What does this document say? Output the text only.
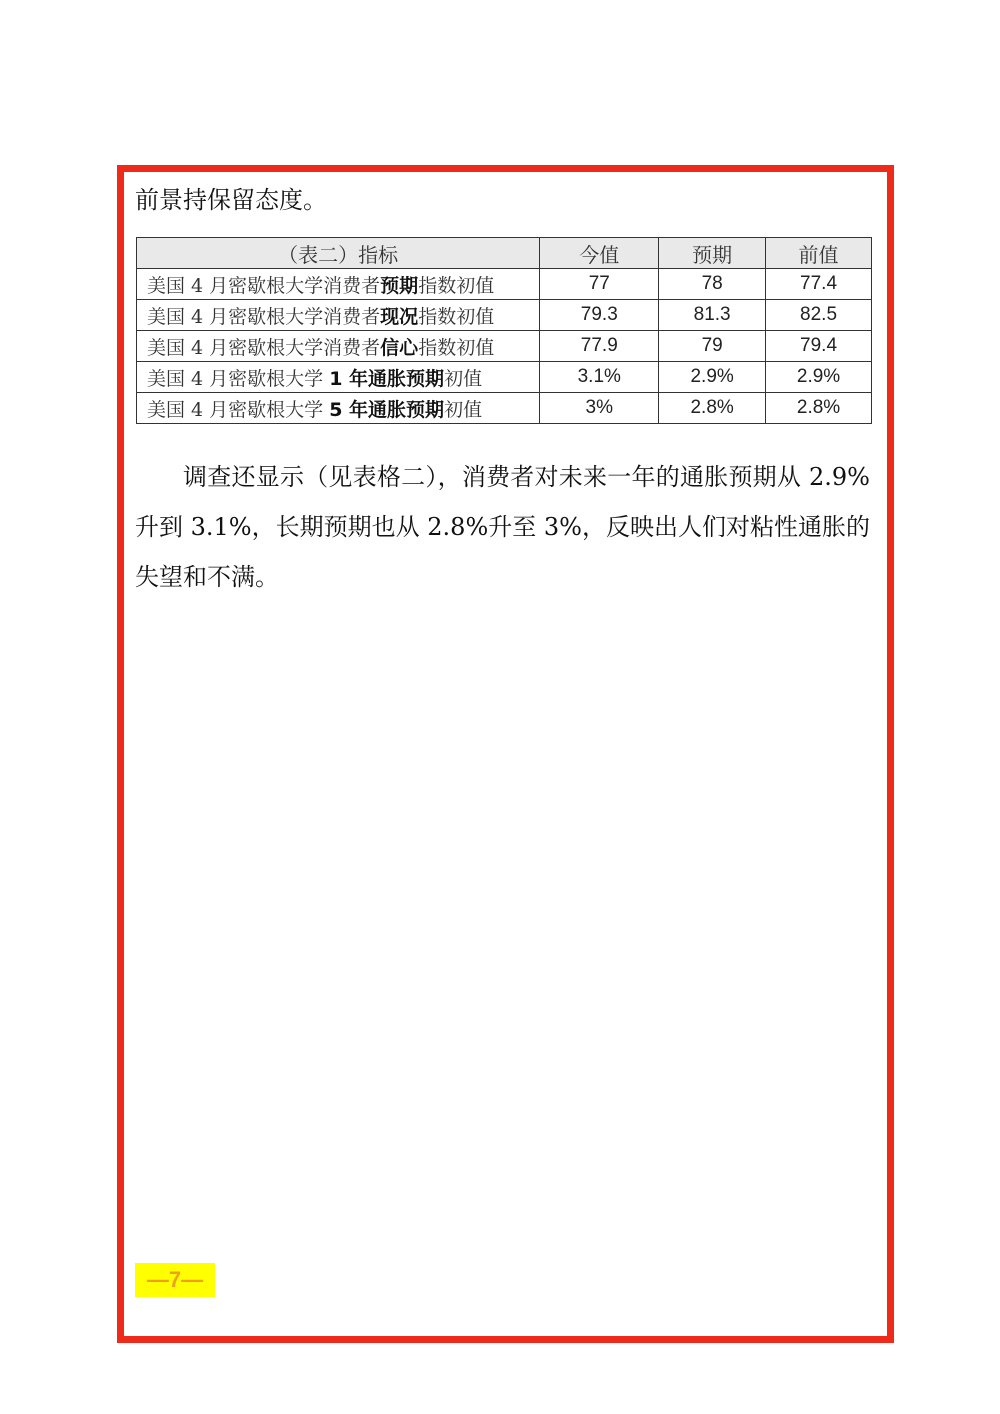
前景持保留态度。

（表二）指标	今值	预期	前值
美国 4 月密歇根大学消费者预期指数初值	77	78	77.4
美国 4 月密歇根大学消费者现况指数初值	79.3	81.3	82.5
美国 4 月密歇根大学消费者信心指数初值	77.9	79	79.4
美国 4 月密歇根大学 1 年通胀预期初值	3.1%	2.9%	2.9%
美国 4 月密歇根大学 5 年通胀预期初值	3%	2.8%	2.8%

调查还显示（见表格二），消费者对未来一年的通胀预期从 2.9%升到 3.1%，长期预期也从 2.8%升至 3%，反映出人们对粘性通胀的失望和不满。

—7—
